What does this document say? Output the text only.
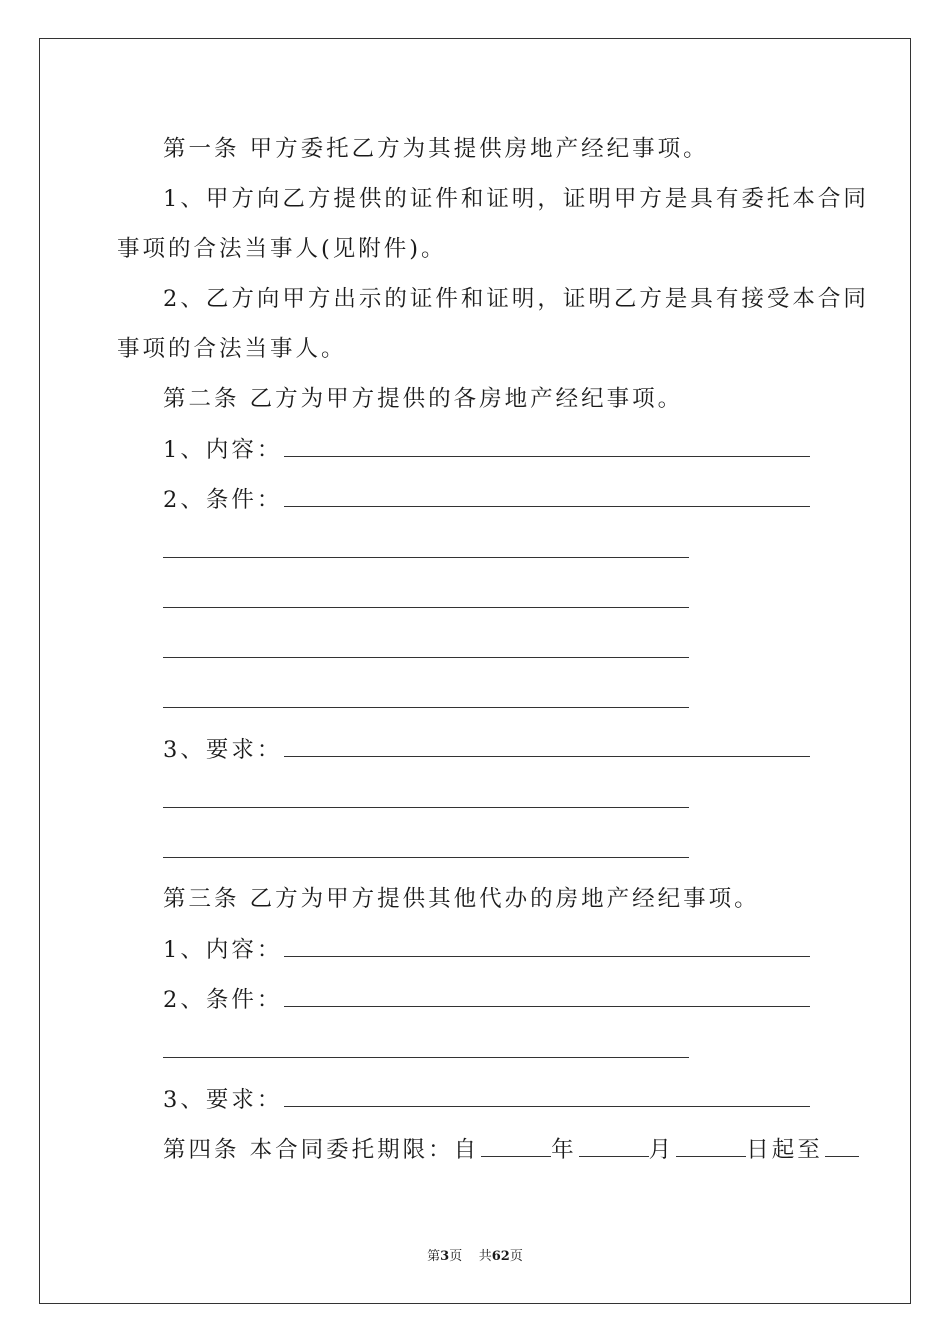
第一条 甲方委托乙方为其提供房地产经纪事项。
1、甲方向乙方提供的证件和证明，证明甲方是具有委托本合同
事项的合法当事人(见附件)。
2、乙方向甲方出示的证件和证明，证明乙方是具有接受本合同
事项的合法当事人。
第二条 乙方为甲方提供的各房地产经纪事项。
1、内容：
2、条件：
3、要求：
第三条 乙方为甲方提供其他代办的房地产经纪事项。
1、内容：
2、条件：
3、要求：
第四条 本合同委托期限：自	年	月	日起至
第3页    共62页
